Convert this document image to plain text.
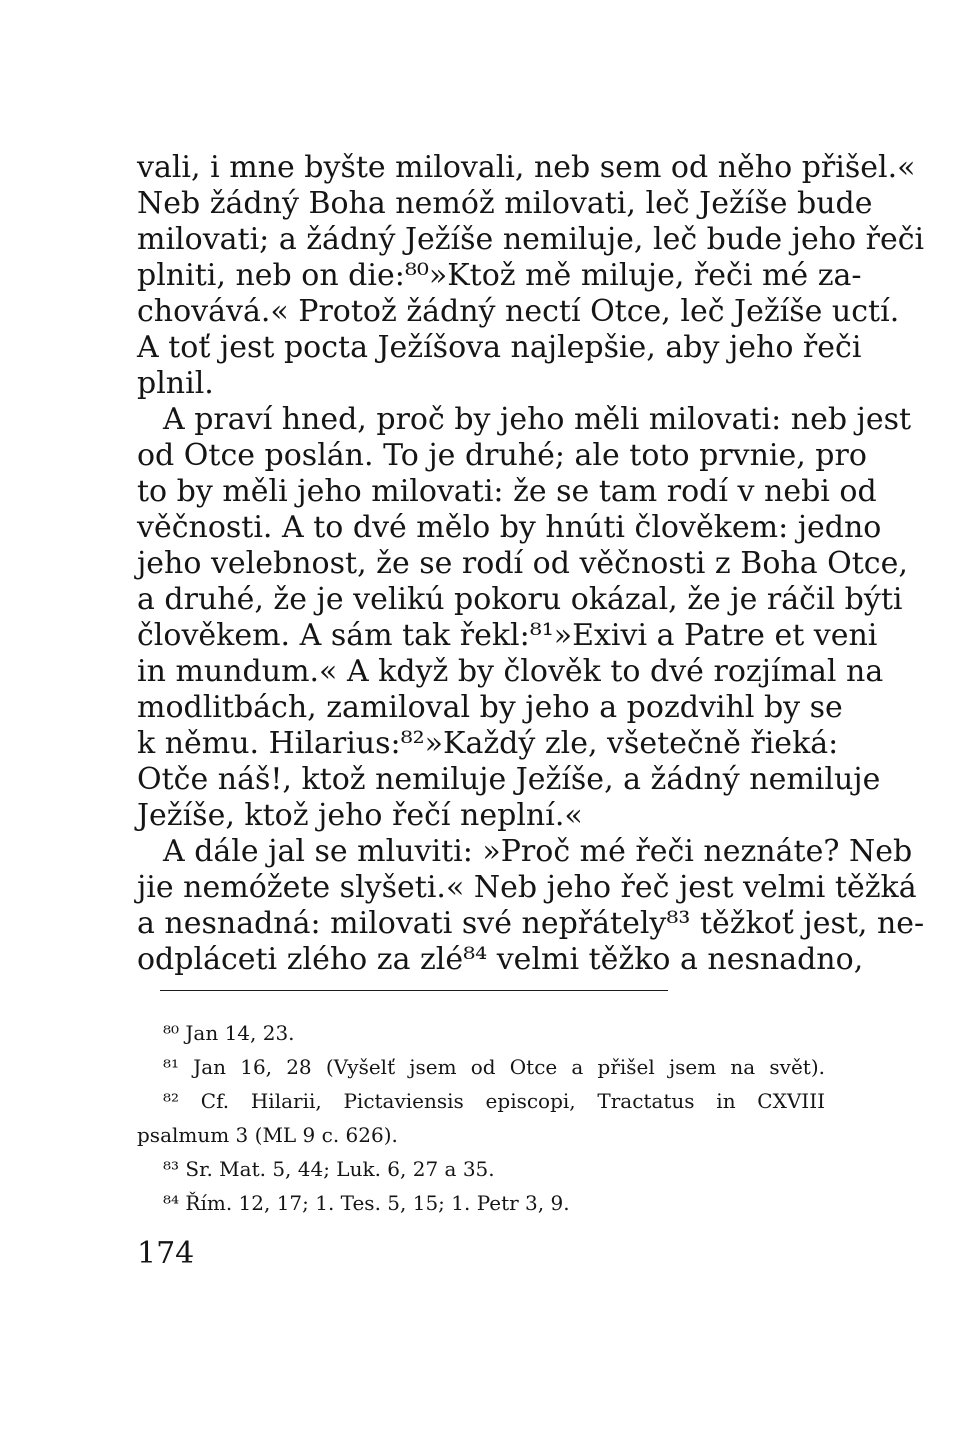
vali, i mne byšte milovali, neb sem od něho přišel.«
Neb žádný Boha nemóž milovati, leč Ježíše bude
milovati; a žádný Ježíše nemiluje, leč bude jeho řeči
plniti, neb on die:⁸⁰»Ktož mě miluje, řeči mé za-
chovává.« Protož žádný nectí Otce, leč Ježíše uctí.
A toť jest pocta Ježíšova najlepšie, aby jeho řeči
plnil.
A praví hned, proč by jeho měli milovati: neb jest
od Otce poslán. To je druhé; ale toto prvnie, pro
to by měli jeho milovati: že se tam rodí v nebi od
věčnosti. A to dvé mělo by hnúti člověkem: jedno
jeho velebnost, že se rodí od věčnosti z Boha Otce,
a druhé, že je velikú pokoru okázal, že je ráčil býti
člověkem. A sám tak řekl:⁸¹»Exivi a Patre et veni
in mundum.« A když by člověk to dvé rozjímal na
modlitbách, zamiloval by jeho a pozdvihl by se
k němu. Hilarius:⁸²»Každý zle, všetečně řieká:
Otče náš!, ktož nemiluje Ježíše, a žádný nemiluje
Ježíše, ktož jeho řečí neplní.«
A dále jal se mluviti: »Proč mé řeči neznáte? Neb
jie nemóžete slyšeti.« Neb jeho řeč jest velmi těžká
a nesnadná: milovati své nepřátely⁸³ těžkoť jest, ne-
odpláceti zlého za zlé⁸⁴ velmi těžko a nesnadno,
⁸⁰ Jan 14, 23.
⁸¹ Jan 16, 28 (Vyšelť jsem od Otce a přišel jsem na svět).
⁸² Cf. Hilarii, Pictaviensis episcopi, Tractatus in CXVIII
psalmum 3 (ML 9 c. 626).
⁸³ Sr. Mat. 5, 44; Luk. 6, 27 a 35.
⁸⁴ Řím. 12, 17; 1. Tes. 5, 15; 1. Petr 3, 9.
174
